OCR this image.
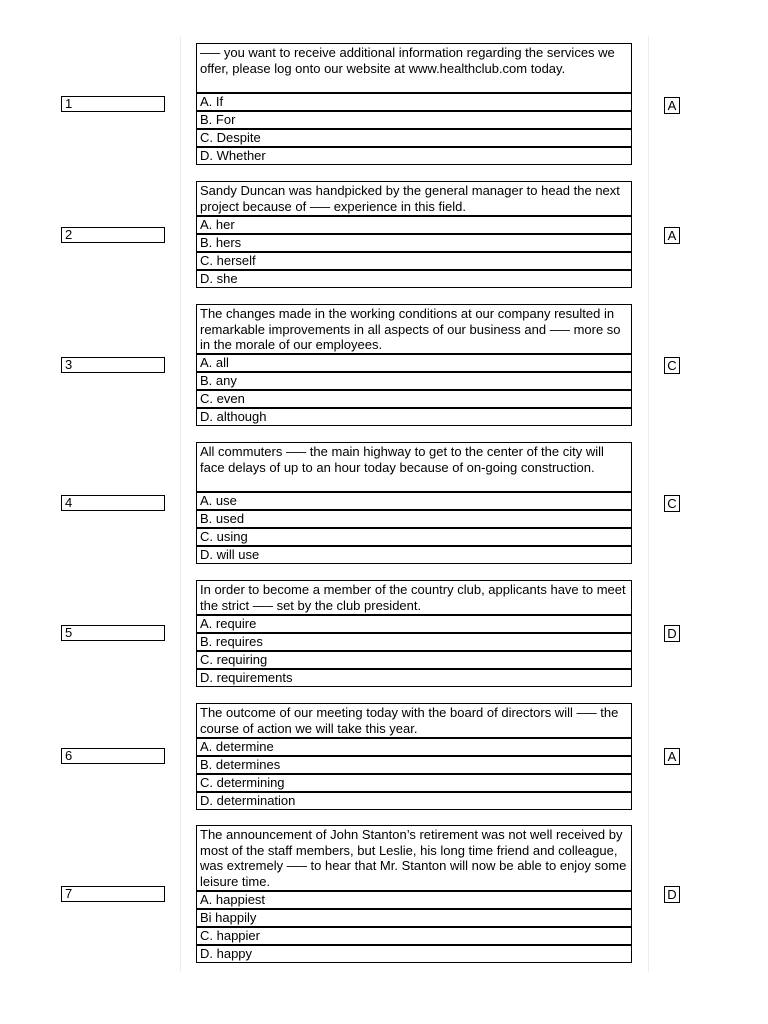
1
—– you want to receive additional information regarding the services we offer, please log onto our website at www.healthclub.com today.
A. If
B. For
C. Despite
D. Whether
A
2
Sandy Duncan was handpicked by the general manager to head the next project because of —– experience in this field.
A. her
B. hers
C. herself
D. she
A
3
The changes made in the working conditions at our company resulted in remarkable improvements in all aspects of our business and —– more so in the morale of our employees.
A. all
B. any
C. even
D. although
C
4
All commuters —– the main highway to get to the center of the city will face delays of up to an hour today because of on-going construction.
A. use
B. used
C. using
D. will use
C
5
In order to become a member of the country club, applicants have to meet the strict —– set by the club president.
A. require
B. requires
C. requiring
D. requirements
D
6
The outcome of our meeting today with the board of directors will —– the course of action we will take this year.
A. determine
B. determines
C. determining
D. determination
A
7
The announcement of John Stanton’s retirement was not well received by most of the staff members, but Leslie, his long time friend and colleague, was extremely —– to hear that Mr. Stanton will now be able to enjoy some leisure time.
A. happiest
Bi happily
C. happier
D. happy
D
